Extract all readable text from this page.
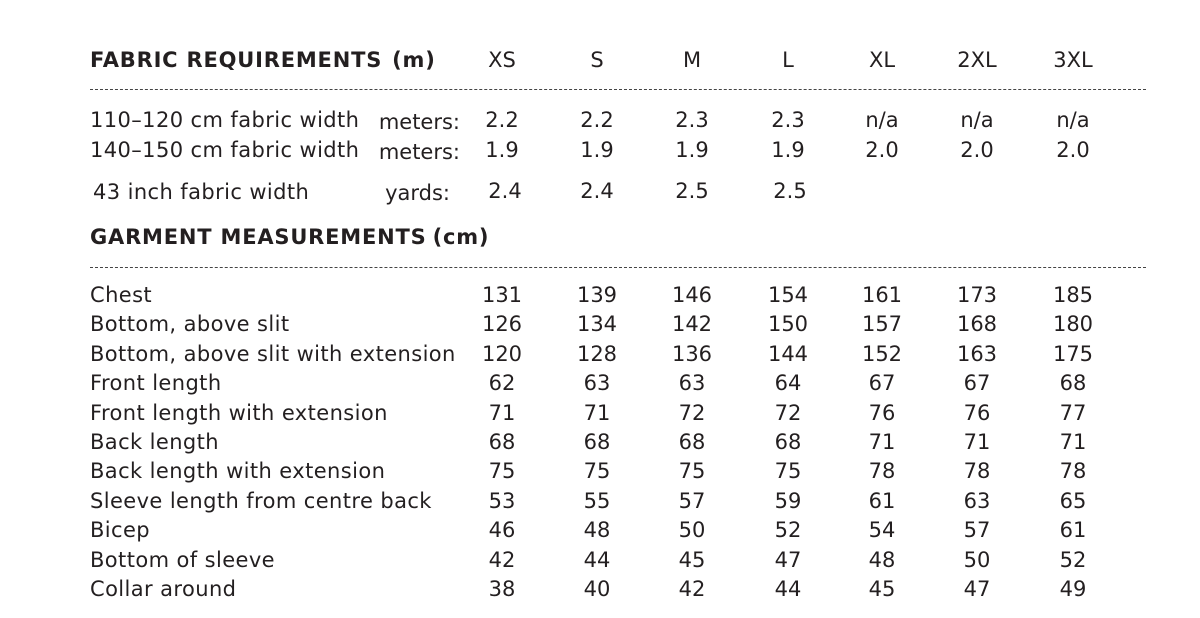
FABRIC REQUIREMENTS (m)	XS	S	M	L	XL	2XL	3XL
110–120 cm fabric width meters: 2.2	2.2	2.3	2.3	n/a	n/a	n/a
140–150 cm fabric width meters: 1.9	1.9	1.9	1.9	2.0	2.0	2.0
43 inch fabric width	yards: 2.4	2.4	2.5	2.5
GARMENT MEASUREMENTS (cm)
Chest	131	139	146	154	161	173	185
Bottom, above slit	126	134	142	150	157	168	180
Bottom, above slit with extension 120	128	136	144	152	163	175
Front length	62	63	63	64	67	67	68
Front length with extension	71	71	72	72	76	76	77
Back length	68	68	68	68	71	71	71
Back length with extension	75	75	75	75	78	78	78
Sleeve length from centre back	53	55	57	59	61	63	65
Bicep	46	48	50	52	54	57	61
Bottom of sleeve	42	44	45	47	48	50	52
Collar around	38	40	42	44	45	47	49
